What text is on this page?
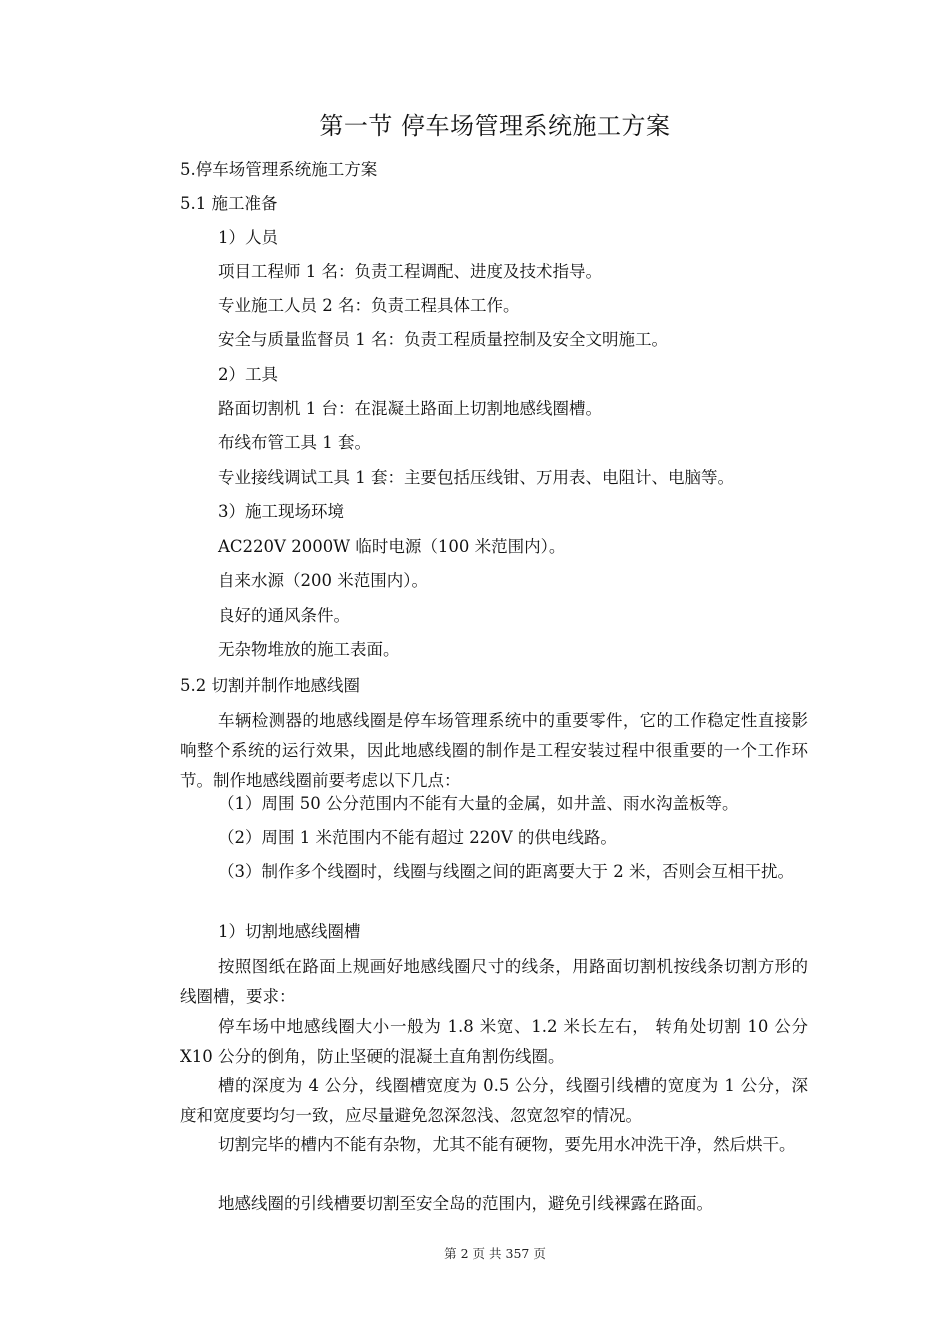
第一节 停车场管理系统施工方案
5.停车场管理系统施工方案
5.1 施工准备
1）人员
项目工程师 1 名：负责工程调配、进度及技术指导。
专业施工人员 2 名：负责工程具体工作。
安全与质量监督员 1 名：负责工程质量控制及安全文明施工。
2）工具
路面切割机 1 台：在混凝土路面上切割地感线圈槽。
布线布管工具 1 套。
专业接线调试工具 1 套：主要包括压线钳、万用表、电阻计、电脑等。
3）施工现场环境
AC220V 2000W 临时电源（100 米范围内）。
自来水源（200 米范围内）。
良好的通风条件。
无杂物堆放的施工表面。
5.2 切割并制作地感线圈
车辆检测器的地感线圈是停车场管理系统中的重要零件，它的工作稳定性直接影响整个系统的运行效果，因此地感线圈的制作是工程安装过程中很重要的一个工作环节。制作地感线圈前要考虑以下几点：
（1）周围 50 公分范围内不能有大量的金属，如井盖、雨水沟盖板等。
（2）周围 1 米范围内不能有超过 220V 的供电线路。
（3）制作多个线圈时，线圈与线圈之间的距离要大于 2 米，否则会互相干扰。
1）切割地感线圈槽
按照图纸在路面上规画好地感线圈尺寸的线条，用路面切割机按线条切割方形的线圈槽，要求：
停车场中地感线圈大小一般为 1.8 米宽、1.2 米长左右， 转角处切割 10 公分 X10 公分的倒角，防止坚硬的混凝土直角割伤线圈。
槽的深度为 4 公分，线圈槽宽度为 0.5 公分，线圈引线槽的宽度为 1 公分，深度和宽度要均匀一致，应尽量避免忽深忽浅、忽宽忽窄的情况。
切割完毕的槽内不能有杂物，尤其不能有硬物，要先用水冲洗干净，然后烘干。
地感线圈的引线槽要切割至安全岛的范围内，避免引线裸露在路面。
第 2 页 共 357 页
